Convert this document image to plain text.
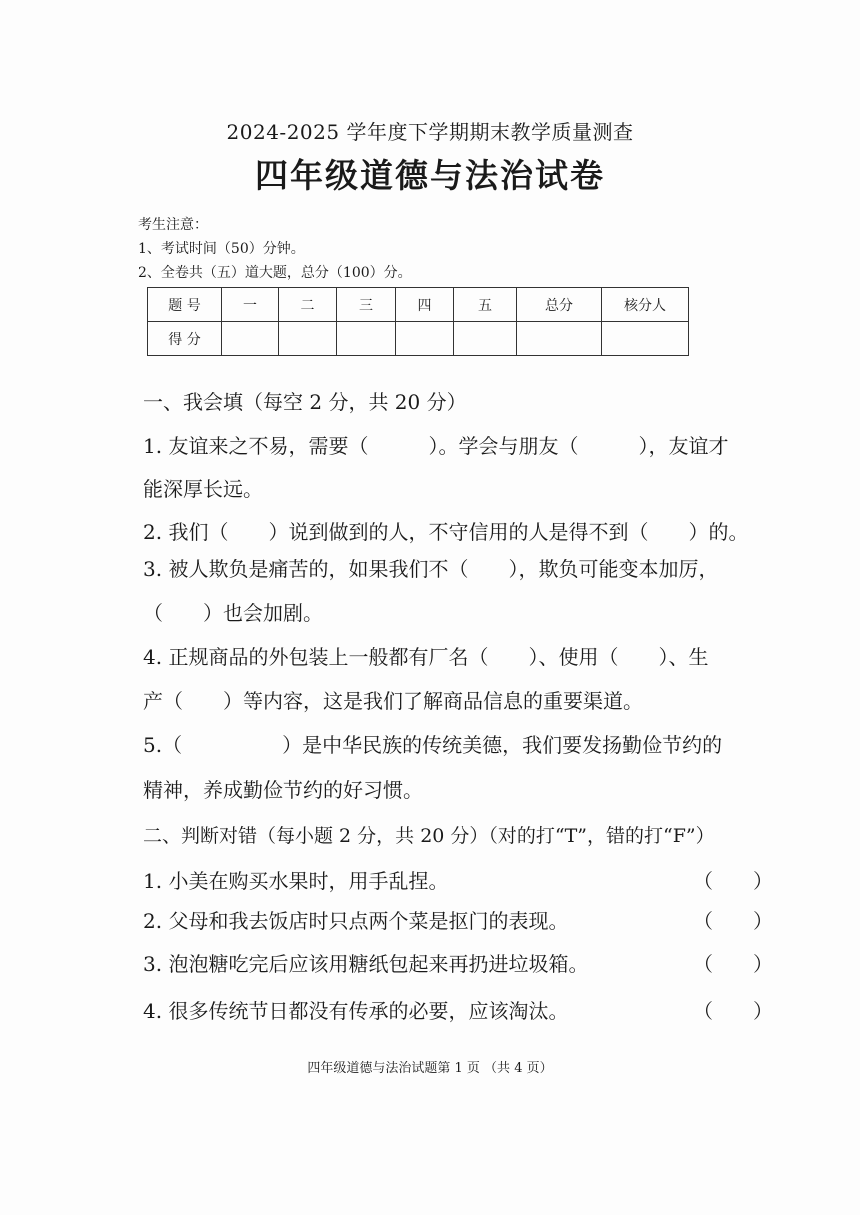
2024-2025 学年度下学期期末教学质量测查
四年级道德与法治试卷
考生注意：
1、考试时间（50）分钟。
2、全卷共（五）道大题，总分（100）分。
题 号	一	二	三	四	五	总分	核分人
得 分							
一、我会填（每空 2 分，共 20 分）
1. 友谊来之不易，需要（　　　）。学会与朋友（　　　），友谊才
能深厚长远。
2. 我们（　　）说到做到的人，不守信用的人是得不到（　　）的。
3. 被人欺负是痛苦的，如果我们不（　　），欺负可能变本加厉，
（　　）也会加剧。
4. 正规商品的外包装上一般都有厂名（　　）、使用（　　）、生
产（　　）等内容，这是我们了解商品信息的重要渠道。
5.（　　　　　）是中华民族的传统美德，我们要发扬勤俭节约的
精神，养成勤俭节约的好习惯。
二、判断对错（每小题 2 分，共 20 分）（对的打“T”，错的打“F”）
1. 小美在购买水果时，用手乱捏。	（　　）
2. 父母和我去饭店时只点两个菜是抠门的表现。	（　　）
3. 泡泡糖吃完后应该用糖纸包起来再扔进垃圾箱。	（　　）
4. 很多传统节日都没有传承的必要，应该淘汰。	（　　）
四年级道德与法治试题第 1 页 （共 4 页）
